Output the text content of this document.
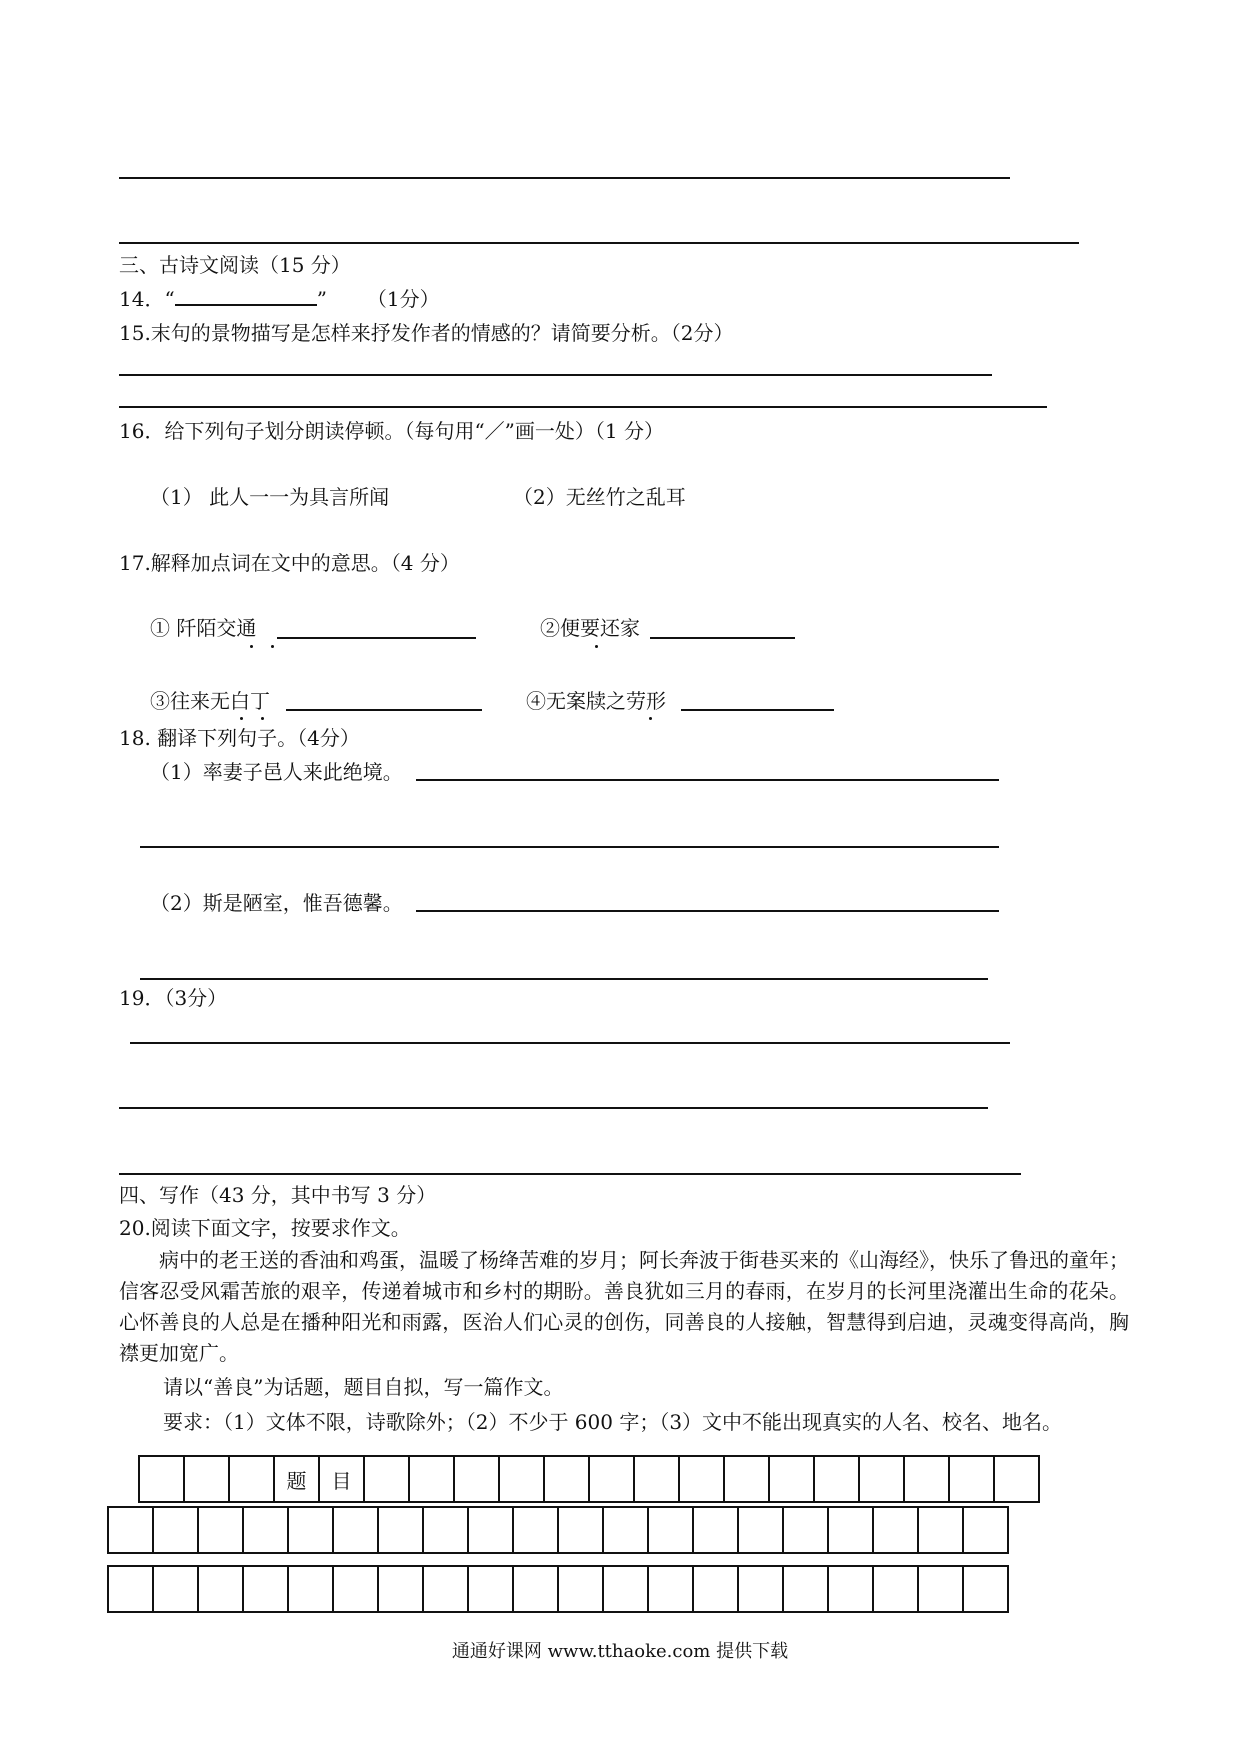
三、古诗文阅读（15 分）
14．“	” （1分）
15.末句的景物描写是怎样来抒发作者的情感的？请简要分析。（2分）
16．给下列句子划分朗读停顿。（每句用“／”画一处）（1 分）
（1） 此人一一为具言所闻	（2）无丝竹之乱耳
17.解释加点词在文中的意思。（4 分）
① 阡陌交通	②便要还家
③往来无白丁	④无案牍之劳形
18. 翻译下列句子。（4分）
（1）率妻子邑人来此绝境。
（2）斯是陋室，惟吾德馨。
19．（3分）
四、写作（43 分，其中书写 3 分）
20.阅读下面文字，按要求作文。
病中的老王送的香油和鸡蛋，温暖了杨绛苦难的岁月；阿长奔波于街巷买来的《山海经》，快乐了鲁迅的童年；信客忍受风霜苦旅的艰辛，传递着城市和乡村的期盼。善良犹如三月的春雨，在岁月的长河里浇灌出生命的花朵。心怀善良的人总是在播种阳光和雨露，医治人们心灵的创伤，同善良的人接触，智慧得到启迪，灵魂变得高尚，胸襟更加宽广。
请以“善良”为话题，题目自拟，写一篇作文。
要求：（1）文体不限，诗歌除外；（2）不少于 600 字；（3）文中不能出现真实的人名、校名、地名。
题	目
通通好课网 www.tthaoke.com 提供下载
